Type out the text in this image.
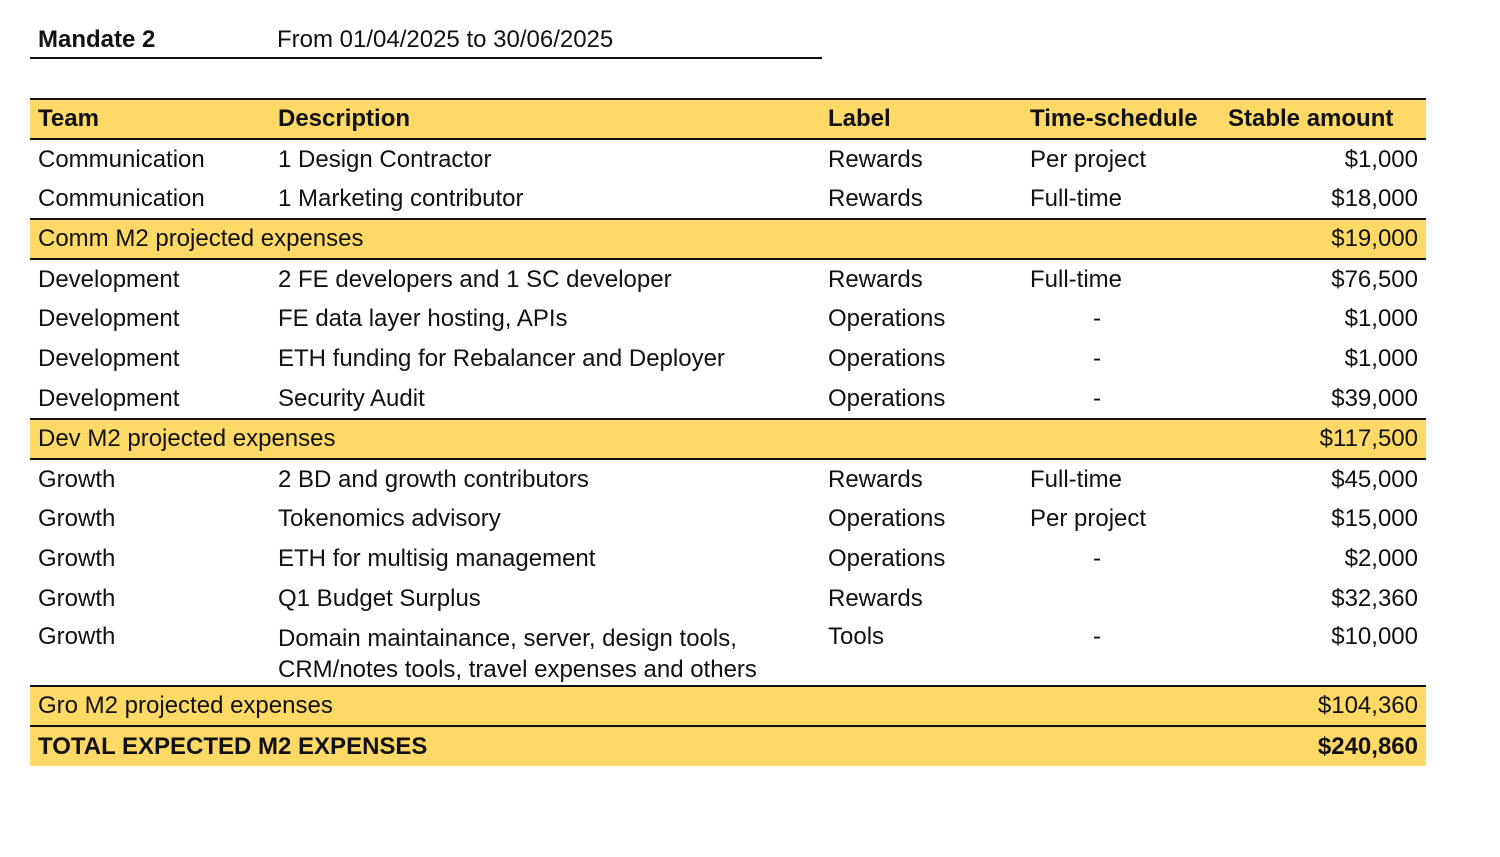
Mandate 2	From 01/04/2025 to 30/06/2025
Team	Description	Label	Time-schedule	Stable amount
Communication	1 Design Contractor	Rewards	Per project	$1,000
Communication	1 Marketing contributor	Rewards	Full-time	$18,000
Comm M2 projected expenses				$19,000
Development	2 FE developers and 1 SC developer	Rewards	Full-time	$76,500
Development	FE data layer hosting, APIs	Operations	-	$1,000
Development	ETH funding for Rebalancer and Deployer	Operations	-	$1,000
Development	Security Audit	Operations	-	$39,000
Dev M2 projected expenses				$117,500
Growth	2 BD and growth contributors	Rewards	Full-time	$45,000
Growth	Tokenomics advisory	Operations	Per project	$15,000
Growth	ETH for multisig management	Operations	-	$2,000
Growth	Q1 Budget Surplus	Rewards		$32,360
Growth	Domain maintainance, server, design tools, CRM/notes tools, travel expenses and others	Tools	-	$10,000
Gro M2 projected expenses				$104,360
TOTAL EXPECTED M2 EXPENSES				$240,860
